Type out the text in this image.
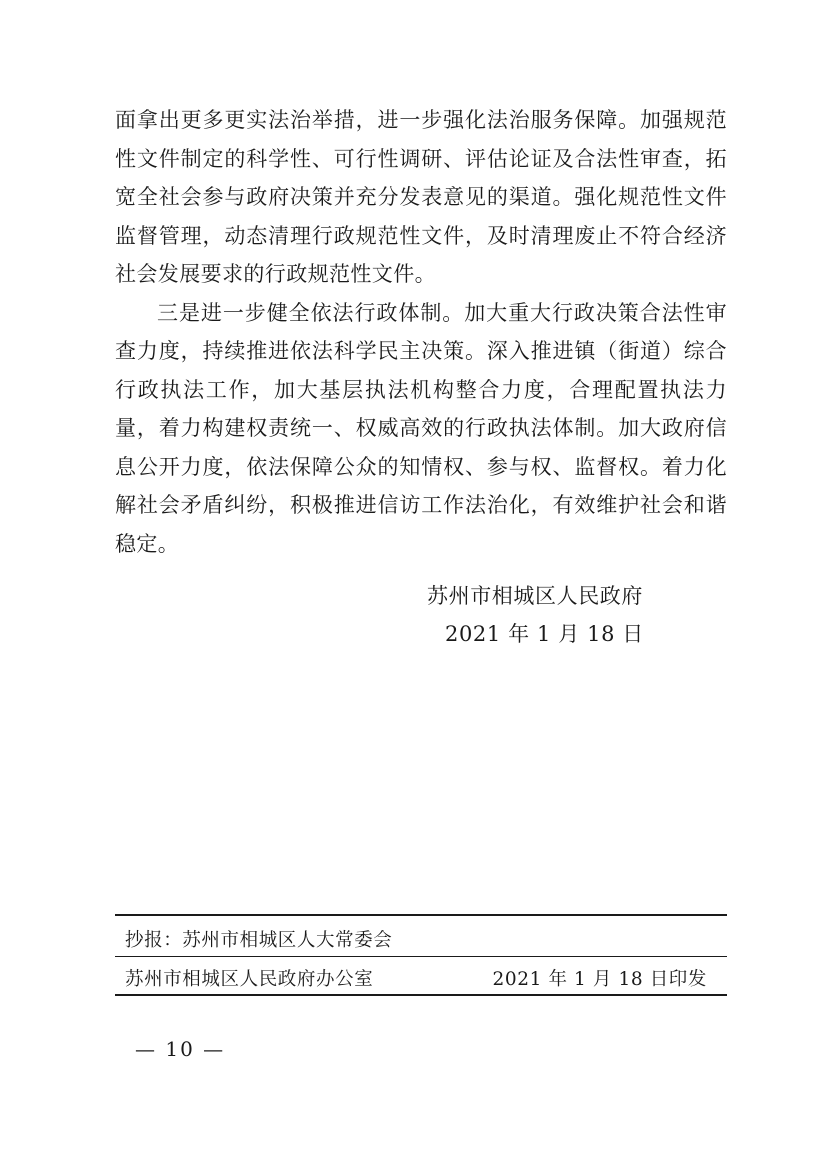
面拿出更多更实法治举措，进一步强化法治服务保障。加强规范性文件制定的科学性、可行性调研、评估论证及合法性审查，拓宽全社会参与政府决策并充分发表意见的渠道。强化规范性文件监督管理，动态清理行政规范性文件，及时清理废止不符合经济社会发展要求的行政规范性文件。

三是进一步健全依法行政体制。加大重大行政决策合法性审查力度，持续推进依法科学民主决策。深入推进镇（街道）综合行政执法工作，加大基层执法机构整合力度，合理配置执法力量，着力构建权责统一、权威高效的行政执法体制。加大政府信息公开力度，依法保障公众的知情权、参与权、监督权。着力化解社会矛盾纠纷，积极推进信访工作法治化，有效维护社会和谐稳定。

苏州市相城区人民政府
2021 年 1 月 18 日
抄报：苏州市相城区人大常委会
苏州市相城区人民政府办公室	2021 年 1 月 18 日印发
— 10 —
